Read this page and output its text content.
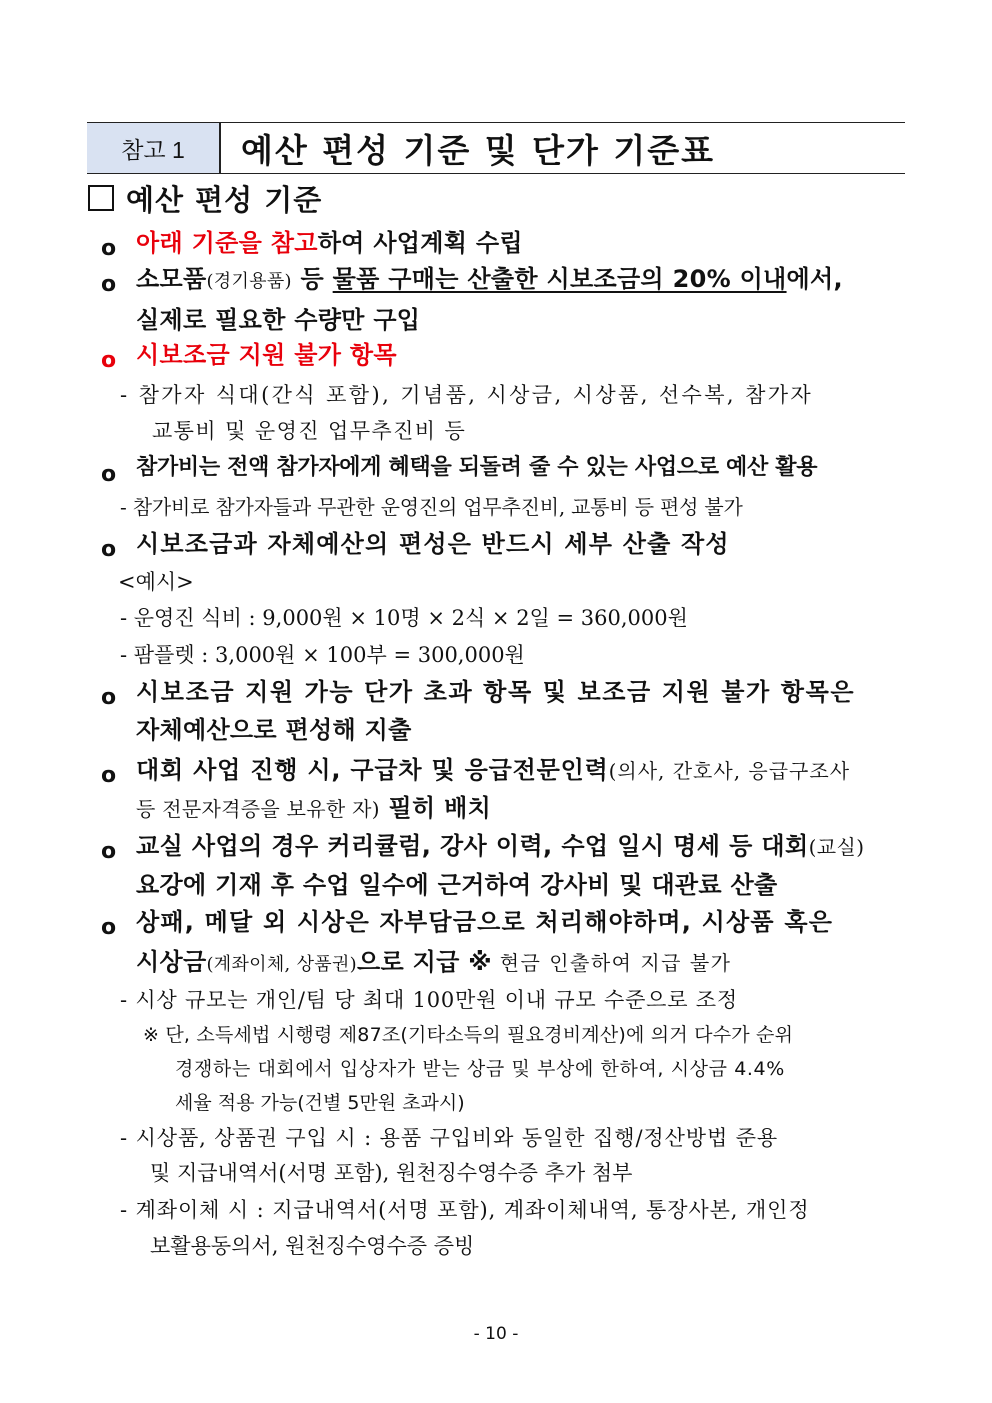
참고 1	예산 편성 기준 및 단가 기준표
예산 편성 기준
o 아래 기준을 참고하여 사업계획 수립
o 소모품(경기용품) 등 물품 구매는 산출한 시보조금의 20% 이내에서,
실제로 필요한 수량만 구입
o 시보조금 지원 불가 항목
- 참가자 식대(간식 포함), 기념품, 시상금, 시상품, 선수복, 참가자
교통비 및 운영진 업무추진비 등
o 참가비는 전액 참가자에게 혜택을 되돌려 줄 수 있는 사업으로 예산 활용
- 참가비로 참가자들과 무관한 운영진의 업무추진비, 교통비 등 편성 불가
o 시보조금과 자체예산의 편성은 반드시 세부 산출 작성
<예시>
- 운영진 식비 : 9,000원 × 10명 × 2식 × 2일 = 360,000원
- 팜플렛 : 3,000원 × 100부 = 300,000원
o 시보조금 지원 가능 단가 초과 항목 및 보조금 지원 불가 항목은
자체예산으로 편성해 지출
o 대회 사업 진행 시, 구급차 및 응급전문인력(의사, 간호사, 응급구조사
등 전문자격증을 보유한 자) 필히 배치
o 교실 사업의 경우 커리큘럼, 강사 이력, 수업 일시 명세 등 대회(교실)
요강에 기재 후 수업 일수에 근거하여 강사비 및 대관료 산출
o 상패, 메달 외 시상은 자부담금으로 처리해야하며, 시상품 혹은
시상금(계좌이체, 상품권)으로 지급 ※ 현금 인출하여 지급 불가
- 시상 규모는 개인/팀 당 최대 100만원 이내 규모 수준으로 조정
※ 단, 소득세법 시행령 제87조(기타소득의 필요경비계산)에 의거 다수가 순위
경쟁하는 대회에서 입상자가 받는 상금 및 부상에 한하여, 시상금 4.4%
세율 적용 가능(건별 5만원 초과시)
- 시상품, 상품권 구입 시 : 용품 구입비와 동일한 집행/정산방법 준용
및 지급내역서(서명 포함), 원천징수영수증 추가 첨부
- 계좌이체 시 : 지급내역서(서명 포함), 계좌이체내역, 통장사본, 개인정
보활용동의서, 원천징수영수증 증빙
- 10 -
